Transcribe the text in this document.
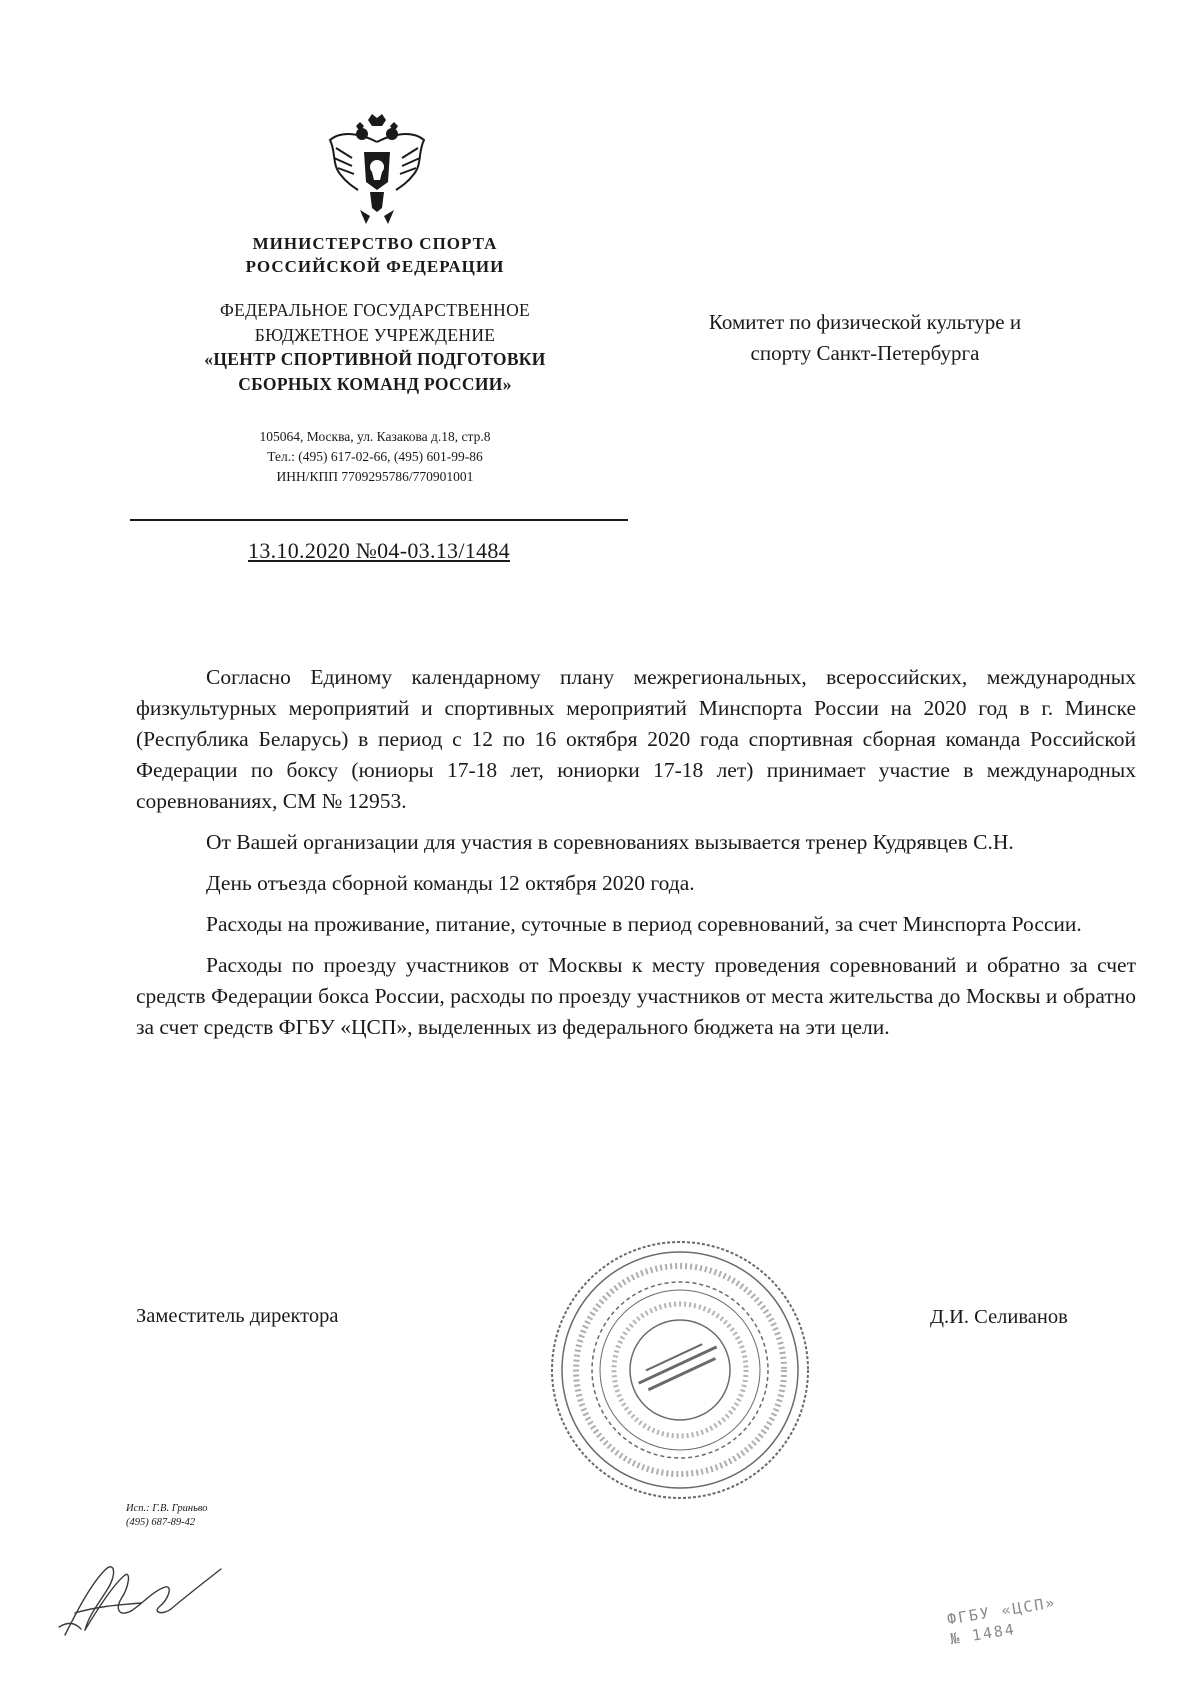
МИНИСТЕРСТВО СПОРТА
РОССИЙСКОЙ ФЕДЕРАЦИИ
ФЕДЕРАЛЬНОЕ ГОСУДАРСТВЕННОЕ
БЮДЖЕТНОЕ УЧРЕЖДЕНИЕ
«ЦЕНТР СПОРТИВНОЙ ПОДГОТОВКИ
СБОРНЫХ КОМАНД РОССИИ»
105064, Москва, ул. Казакова д.18, стр.8
Тел.: (495) 617-02-66, (495) 601-99-86
ИНН/КПП 7709295786/770901001
13.10.2020 №04-03.13/1484
Комитет по физической культуре и
спорту Санкт-Петербурга

Согласно Единому календарному плану межрегиональных, всероссийских, международных физкультурных мероприятий и спортивных мероприятий Минспорта России на 2020 год в г. Минске (Республика Беларусь) в период с 12 по 16 октября 2020 года спортивная сборная команда Российской Федерации по боксу (юниоры 17-18 лет, юниорки 17-18 лет) принимает участие в международных соревнованиях, СМ № 12953.

От Вашей организации для участия в соревнованиях вызывается тренер Кудрявцев С.Н.

День отъезда сборной команды 12 октября 2020 года.

Расходы на проживание, питание, суточные в период соревнований, за счет Минспорта России.

Расходы по проезду участников от Москвы к месту проведения соревнований и обратно за счет средств Федерации бокса России, расходы по проезду участников от места жительства до Москвы и обратно за счет средств ФГБУ «ЦСП», выделенных из федерального бюджета на эти цели.

Заместитель директора	Д.И. Селиванов
Исп.: Г.В. Гриньво
(495) 687-89-42
ФГБУ «ЦСП»
№ 1484
